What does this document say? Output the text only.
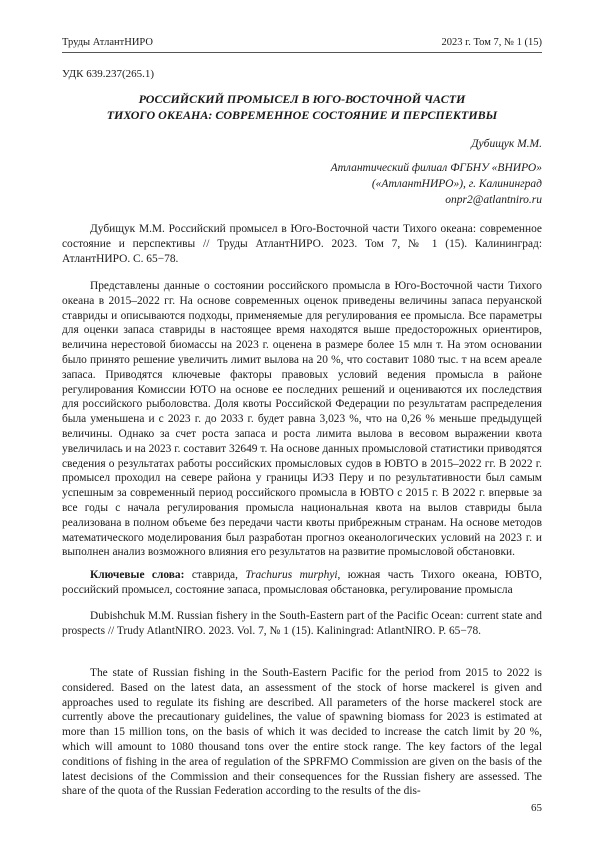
Труды АтлантНИРО	2023 г. Том 7, № 1 (15)
УДК 639.237(265.1)
РОССИЙСКИЙ ПРОМЫСЕЛ В ЮГО-ВОСТОЧНОЙ ЧАСТИ
ТИХОГО ОКЕАНА: СОВРЕМЕННОЕ СОСТОЯНИЕ И ПЕРСПЕКТИВЫ
Дубищук М.М.
Атлантический филиал ФГБНУ «ВНИРО»
(«АтлантНИРО»), г. Калининград
onpr2@atlantniro.ru

Дубищук М.М. Российский промысел в Юго-Восточной части Тихого океана: современное состояние и перспективы // Труды АтлантНИРО. 2023. Том 7, № 1 (15). Калининград: АтлантНИРО. С. 65−78.

Представлены данные о состоянии российского промысла в Юго-Восточной части Тихого океана в 2015–2022 гг. На основе современных оценок приведены величины запаса перуанской ставриды и описываются подходы, применяемые для регулирования ее промысла. Все параметры для оценки запаса ставриды в настоящее время находятся выше предосторожных ориентиров, величина нерестовой биомассы на 2023 г. оценена в размере более 15 млн т. На этом основании было принято решение увеличить лимит вылова на 20 %, что составит 1080 тыс. т на всем ареале запаса. Приводятся ключевые факторы правовых условий ведения промысла в районе регулирования Комиссии ЮТО на основе ее последних решений и оцениваются их последствия для российского рыболовства. Доля квоты Российской Федерации по результатам распределения была уменьшена и с 2023 г. до 2033 г. будет равна 3,023 %, что на 0,26 % меньше предыдущей величины. Однако за счет роста запаса и роста лимита вылова в весовом выражении квота увеличилась и на 2023 г. составит 32649 т. На основе данных промысловой статистики приводятся сведения о результатах работы российских промысловых судов в ЮВТО в 2015–2022 гг. В 2022 г. промысел проходил на севере района у границы ИЭЗ Перу и по результативности был самым успешным за современный период российского промысла в ЮВТО с 2015 г. В 2022 г. впервые за все годы с начала регулирования промысла национальная квота на вылов ставриды была реализована в полном объеме без передачи части квоты прибрежным странам. На основе методов математического моделирования был разработан прогноз океанологических условий на 2023 г. и выполнен анализ возможного влияния его результатов на развитие промысловой обстановки.

Ключевые слова: ставрида, Trachurus murphyi, южная часть Тихого океана, ЮВТО, российский промысел, состояние запаса, промысловая обстановка, регулирование промысла

Dubishchuk M.M. Russian fishery in the South-Eastern part of the Pacific Ocean: current state and prospects // Trudy AtlantNIRO. 2023. Vol. 7, № 1 (15). Kaliningrad: AtlantNIRO. P. 65−78.

The state of Russian fishing in the South-Eastern Pacific for the period from 2015 to 2022 is considered. Based on the latest data, an assessment of the stock of horse mackerel is given and approaches used to regulate its fishing are described. All parameters of the horse mackerel stock are currently above the precautionary guidelines, the value of spawning biomass for 2023 is estimated at more than 15 million tons, on the basis of which it was decided to increase the catch limit by 20 %, which will amount to 1080 thousand tons over the entire stock range. The key factors of the legal conditions of fishing in the area of regulation of the SPRFMO Commission are given on the basis of the latest decisions of the Commission and their consequences for the Russian fishery are assessed. The share of the quota of the Russian Federation according to the results of the dis-

65
